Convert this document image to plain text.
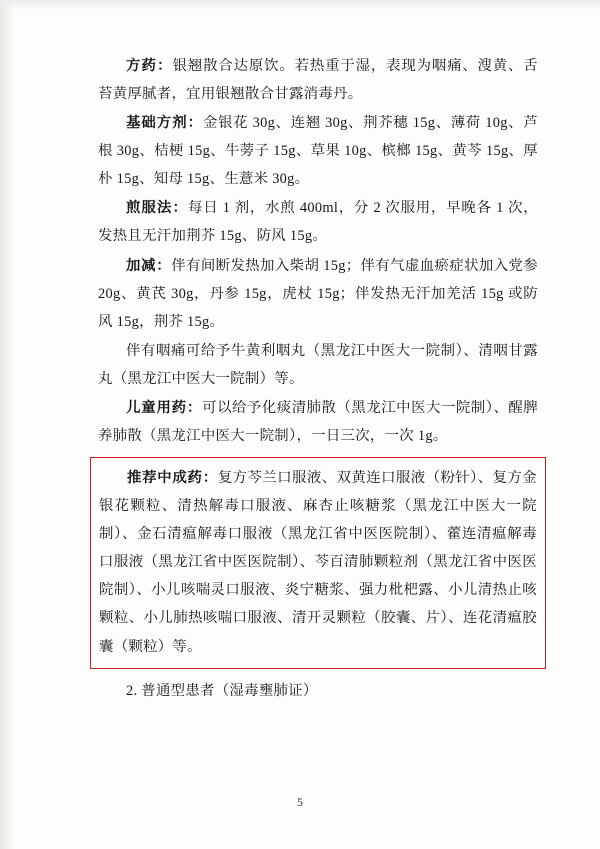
方药：银翘散合达原饮。若热重于湿，表现为咽痛、溲黄、舌苔黄厚腻者，宜用银翘散合甘露消毒丹。

基础方剂：金银花 30g、连翘 30g、荆芥穗 15g、薄荷 10g、芦根 30g、桔梗 15g、牛蒡子 15g、草果 10g、槟榔 15g、黄芩 15g、厚朴 15g、知母 15g、生薏米 30g。

煎服法：每日 1 剂，水煎 400ml，分 2 次服用，早晚各 1 次，发热且无汗加荆芥 15g、防风 15g。

加减：伴有间断发热加入柴胡 15g；伴有气虚血瘀症状加入党参 20g、黄芪 30g，丹参 15g，虎杖 15g；伴发热无汗加羌活 15g 或防风 15g，荆芥 15g。

伴有咽痛可给予牛黄利咽丸（黑龙江中医大一院制）、清咽甘露丸（黑龙江中医大一院制）等。

儿童用药：可以给予化痰清肺散（黑龙江中医大一院制）、醒脾养肺散（黑龙江中医大一院制），一日三次，一次 1g。

推荐中成药：复方芩兰口服液、双黄连口服液（粉针）、复方金银花颗粒、清热解毒口服液、麻杏止咳糖浆（黑龙江中医大一院制）、金石清瘟解毒口服液（黑龙江省中医医院制）、藿连清瘟解毒口服液（黑龙江省中医医院制）、芩百清肺颗粒剂（黑龙江省中医医院制）、小儿咳喘灵口服液、炎宁糖浆、强力枇杷露、小儿清热止咳颗粒、小儿肺热咳喘口服液、清开灵颗粒（胶囊、片）、连花清瘟胶囊（颗粒）等。

2. 普通型患者（湿毒壅肺证）

5
